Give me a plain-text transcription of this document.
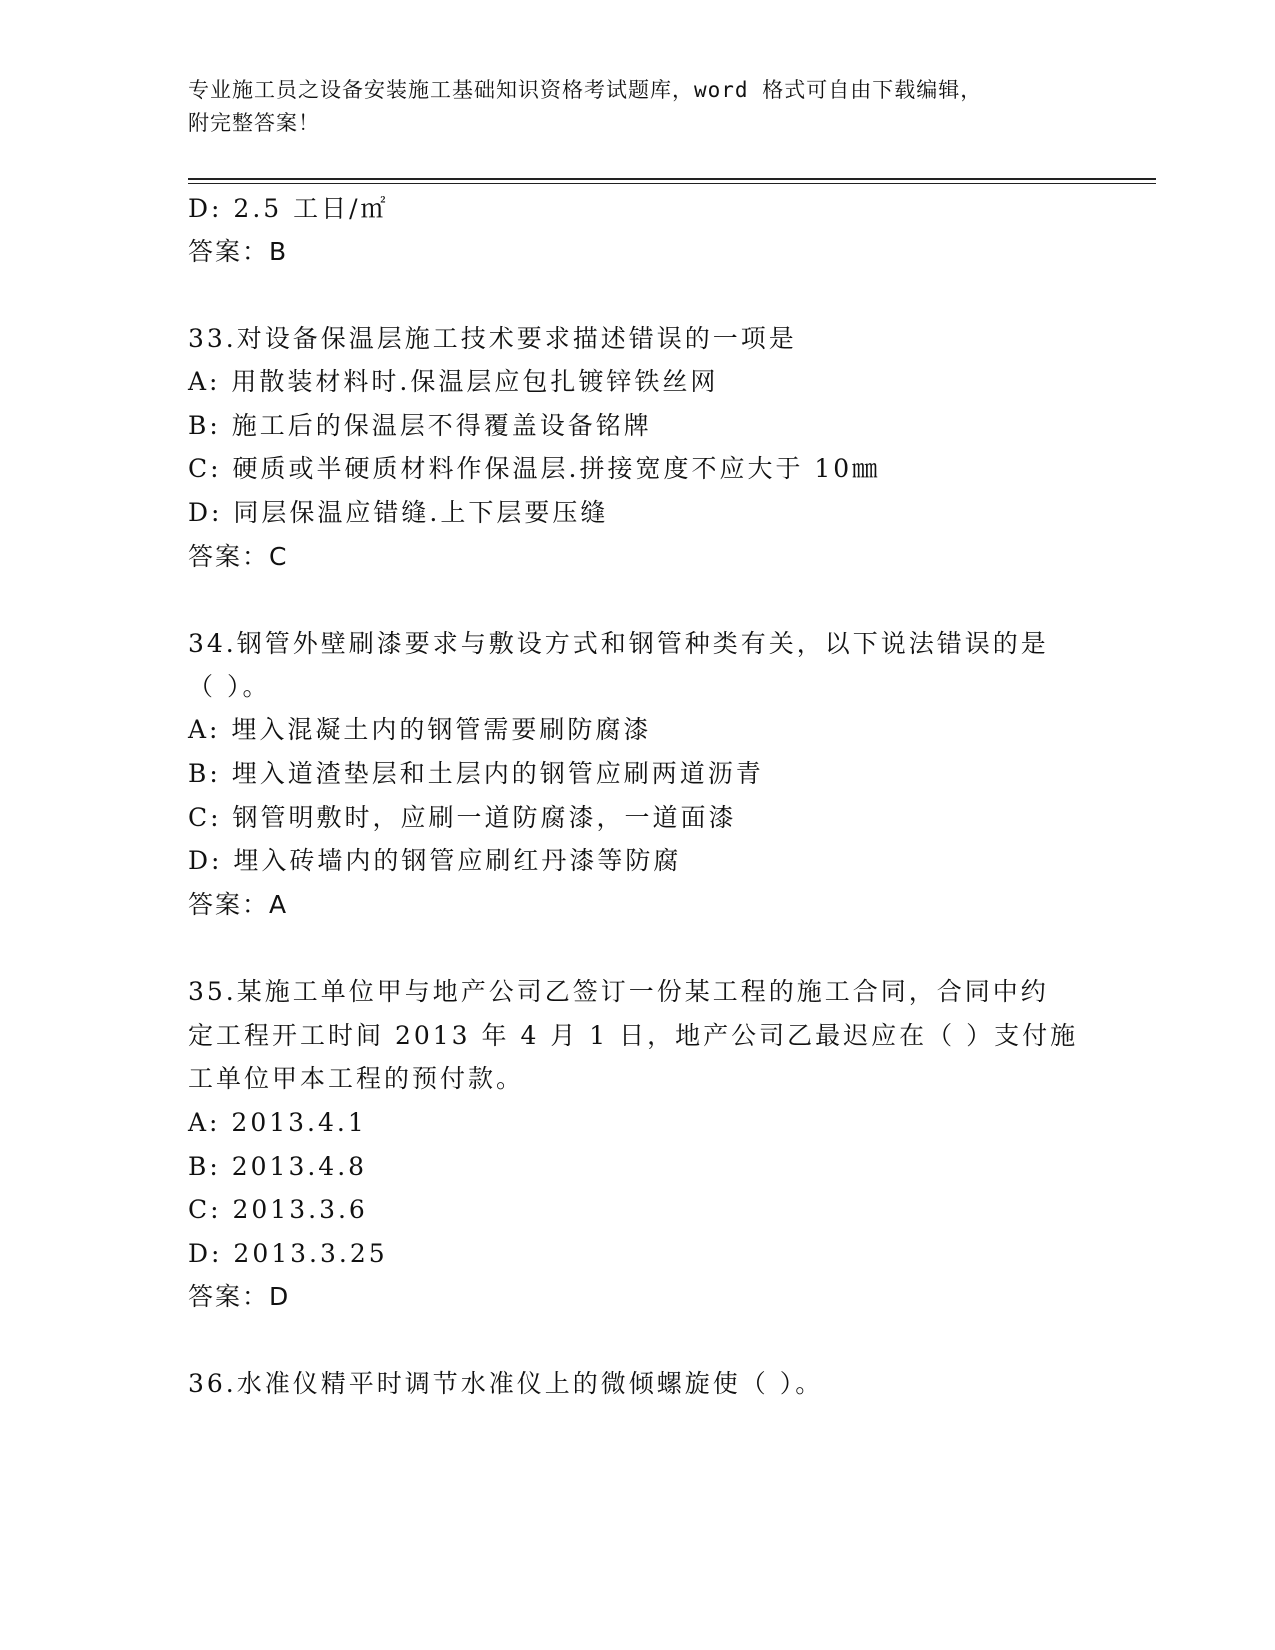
专业施工员之设备安装施工基础知识资格考试题库，word 格式可自由下载编辑，
附完整答案！
D: 2.5 工日/㎡
答案：B
33.对设备保温层施工技术要求描述错误的一项是
A: 用散装材料时.保温层应包扎镀锌铁丝网
B: 施工后的保温层不得覆盖设备铭牌
C: 硬质或半硬质材料作保温层.拼接宽度不应大于 10㎜
D: 同层保温应错缝.上下层要压缝
答案：C
34.钢管外壁刷漆要求与敷设方式和钢管种类有关，以下说法错误的是
（ ）。
A: 埋入混凝土内的钢管需要刷防腐漆
B: 埋入道渣垫层和土层内的钢管应刷两道沥青
C: 钢管明敷时，应刷一道防腐漆，一道面漆
D: 埋入砖墙内的钢管应刷红丹漆等防腐
答案：A
35.某施工单位甲与地产公司乙签订一份某工程的施工合同，合同中约
定工程开工时间 2013 年 4 月 1 日，地产公司乙最迟应在（ ）支付施
工单位甲本工程的预付款。
A: 2013.4.1
B: 2013.4.8
C: 2013.3.6
D: 2013.3.25
答案：D
36.水准仪精平时调节水准仪上的微倾螺旋使（ ）。
